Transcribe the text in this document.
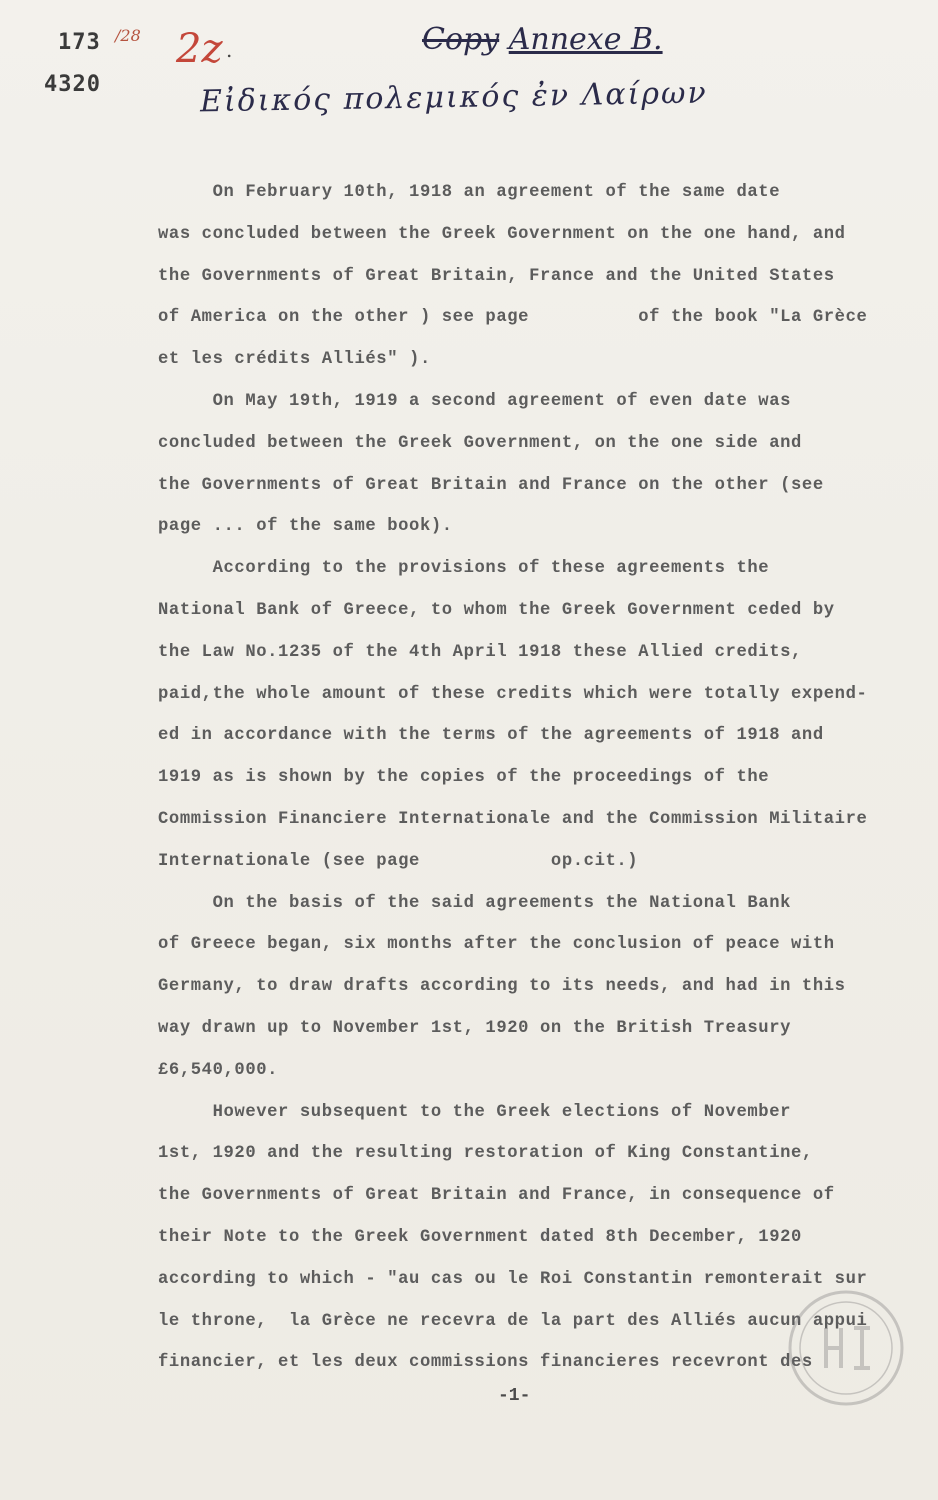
173 /28
4320
2z .	Copy Annexe B.
Εἰδικός πολεμικός ἐν Λαίρων
On February 10th, 1918 an agreement of the same date
was concluded between the Greek Government on the one hand, and
the Governments of Great Britain, France and the United States
of America on the other ) see page          of the book "La Grèce
et les crédits Alliés" ).
On May 19th, 1919 a second agreement of even date was
concluded between the Greek Government, on the one side and
the Governments of Great Britain and France on the other (see
page ... of the same book).
According to the provisions of these agreements the
National Bank of Greece, to whom the Greek Government ceded by
the Law No.1235 of the 4th April 1918 these Allied credits,
paid,the whole amount of these credits which were totally expend-
ed in accordance with the terms of the agreements of 1918 and
1919 as is shown by the copies of the proceedings of the
Commission Financiere Internationale and the Commission Militaire
Internationale (see page            op.cit.)
On the basis of the said agreements the National Bank
of Greece began, six months after the conclusion of peace with
Germany, to draw drafts according to its needs, and had in this
way drawn up to November 1st, 1920 on the British Treasury
£6,540,000.
However subsequent to the Greek elections of November
1st, 1920 and the resulting restoration of King Constantine,
the Governments of Great Britain and France, in consequence of
their Note to the Greek Government dated 8th December, 1920
according to which - "au cas ou le Roi Constantin remonterait sur
le throne,  la Grèce ne recevra de la part des Alliés aucun appui
financier, et les deux commissions financieres recevront des
-1-
